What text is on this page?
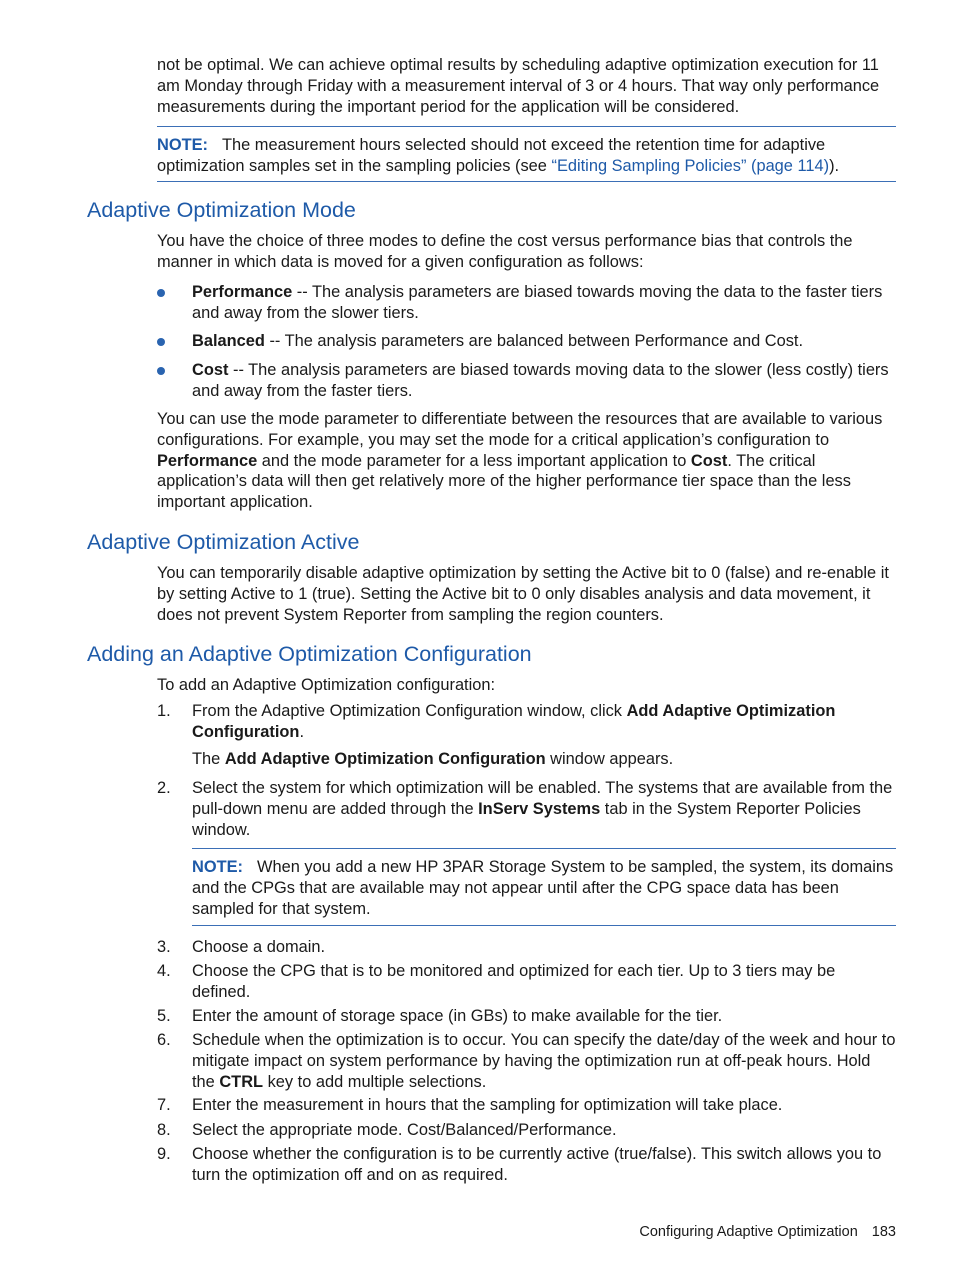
not be optimal. We can achieve optimal results by scheduling adaptive optimization execution for 11 am Monday through Friday with a measurement interval of 3 or 4 hours. That way only performance measurements during the important period for the application will be considered.

NOTE: The measurement hours selected should not exceed the retention time for adaptive optimization samples set in the sampling policies (see “Editing Sampling Policies” (page 114)).

Adaptive Optimization Mode

You have the choice of three modes to define the cost versus performance bias that controls the manner in which data is moved for a given configuration as follows:

Performance -- The analysis parameters are biased towards moving the data to the faster tiers and away from the slower tiers.

Balanced -- The analysis parameters are balanced between Performance and Cost.

Cost -- The analysis parameters are biased towards moving data to the slower (less costly) tiers and away from the faster tiers.

You can use the mode parameter to differentiate between the resources that are available to various configurations. For example, you may set the mode for a critical application’s configuration to Performance and the mode parameter for a less important application to Cost. The critical application’s data will then get relatively more of the higher performance tier space than the less important application.

Adaptive Optimization Active

You can temporarily disable adaptive optimization by setting the Active bit to 0 (false) and re-enable it by setting Active to 1 (true). Setting the Active bit to 0 only disables analysis and data movement, it does not prevent System Reporter from sampling the region counters.

Adding an Adaptive Optimization Configuration

To add an Adaptive Optimization configuration:

1. From the Adaptive Optimization Configuration window, click Add Adaptive Optimization Configuration.

The Add Adaptive Optimization Configuration window appears.

2. Select the system for which optimization will be enabled. The systems that are available from the pull-down menu are added through the InServ Systems tab in the System Reporter Policies window.

NOTE: When you add a new HP 3PAR Storage System to be sampled, the system, its domains and the CPGs that are available may not appear until after the CPG space data has been sampled for that system.

3. Choose a domain.

4. Choose the CPG that is to be monitored and optimized for each tier. Up to 3 tiers may be defined.

5. Enter the amount of storage space (in GBs) to make available for the tier.

6. Schedule when the optimization is to occur. You can specify the date/day of the week and hour to mitigate impact on system performance by having the optimization run at off-peak hours. Hold the CTRL key to add multiple selections.

7. Enter the measurement in hours that the sampling for optimization will take place.

8. Select the appropriate mode. Cost/Balanced/Performance.

9. Choose whether the configuration is to be currently active (true/false). This switch allows you to turn the optimization off and on as required.

Configuring Adaptive Optimization 183
